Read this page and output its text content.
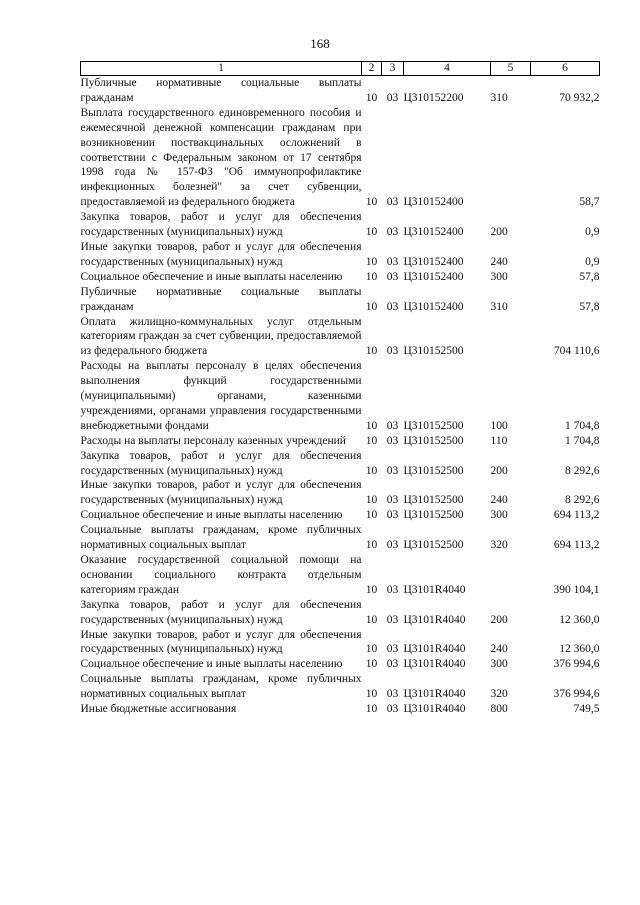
168
1	2	3	4	5	6
Публичные нормативные социальные выплаты гражданам	10	03	Ц310152200	310	70 932,2
Выплата государственного единовременного пособия и ежемесячной денежной компенсации гражданам при возникновении поствакцинальных осложнений в соответствии с Федеральным законом от 17 сентября 1998 года № 157-ФЗ "Об иммунопрофилактике инфекционных болезней" за счет субвенции, предоставляемой из федерального бюджета	10	03	Ц310152400		58,7
Закупка товаров, работ и услуг для обеспечения государственных (муниципальных) нужд	10	03	Ц310152400	200	0,9
Иные закупки товаров, работ и услуг для обеспечения государственных (муниципальных) нужд	10	03	Ц310152400	240	0,9
Социальное обеспечение и иные выплаты населению	10	03	Ц310152400	300	57,8
Публичные нормативные социальные выплаты гражданам	10	03	Ц310152400	310	57,8
Оплата жилищно-коммунальных услуг отдельным категориям граждан за счет субвенции, предоставляемой из федерального бюджета	10	03	Ц310152500		704 110,6
Расходы на выплаты персоналу в целях обеспечения выполнения функций государственными (муниципальными) органами, казенными учреждениями, органами управления государственными внебюджетными фондами	10	03	Ц310152500	100	1 704,8
Расходы на выплаты персоналу казенных учреждений	10	03	Ц310152500	110	1 704,8
Закупка товаров, работ и услуг для обеспечения государственных (муниципальных) нужд	10	03	Ц310152500	200	8 292,6
Иные закупки товаров, работ и услуг для обеспечения государственных (муниципальных) нужд	10	03	Ц310152500	240	8 292,6
Социальное обеспечение и иные выплаты населению	10	03	Ц310152500	300	694 113,2
Социальные выплаты гражданам, кроме публичных нормативных социальных выплат	10	03	Ц310152500	320	694 113,2
Оказание государственной социальной помощи на основании социального контракта отдельным категориям граждан	10	03	Ц3101R4040		390 104,1
Закупка товаров, работ и услуг для обеспечения государственных (муниципальных) нужд	10	03	Ц3101R4040	200	12 360,0
Иные закупки товаров, работ и услуг для обеспечения государственных (муниципальных) нужд	10	03	Ц3101R4040	240	12 360,0
Социальное обеспечение и иные выплаты населению	10	03	Ц3101R4040	300	376 994,6
Социальные выплаты гражданам, кроме публичных нормативных социальных выплат	10	03	Ц3101R4040	320	376 994,6
Иные бюджетные ассигнования	10	03	Ц3101R4040	800	749,5
